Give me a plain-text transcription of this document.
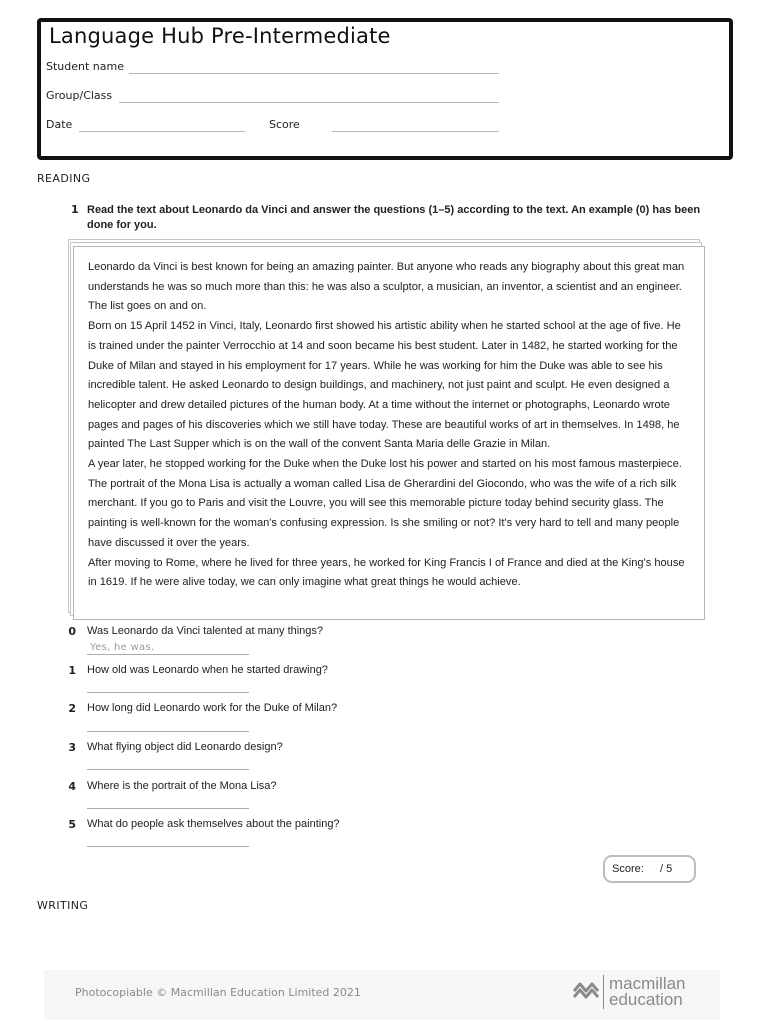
Language Hub Pre-Intermediate
Student name
Group/Class
Date	Score
READING
1 Read the text about Leonardo da Vinci and answer the questions (1–5) according to the text. An example (0) has been done for you.

Leonardo da Vinci is best known for being an amazing painter. But anyone who reads any biography about this great man understands he was so much more than this: he was also a sculptor, a musician, an inventor, a scientist and an engineer. The list goes on and on.

Born on 15 April 1452 in Vinci, Italy, Leonardo first showed his artistic ability when he started school at the age of five. He is trained under the painter Verrocchio at 14 and soon became his best student. Later in 1482, he started working for the Duke of Milan and stayed in his employment for 17 years. While he was working for him the Duke was able to see his incredible talent. He asked Leonardo to design buildings, and machinery, not just paint and sculpt. He even designed a helicopter and drew detailed pictures of the human body. At a time without the internet or photographs, Leonardo wrote pages and pages of his discoveries which we still have today. These are beautiful works of art in themselves. In 1498, he painted The Last Supper which is on the wall of the convent Santa Maria delle Grazie in Milan.

A year later, he stopped working for the Duke when the Duke lost his power and started on his most famous masterpiece. The portrait of the Mona Lisa is actually a woman called Lisa de Gherardini del Giocondo, who was the wife of a rich silk merchant. If you go to Paris and visit the Louvre, you will see this memorable picture today behind security glass. The painting is well-known for the woman's confusing expression. Is she smiling or not? It's very hard to tell and many people have discussed it over the years.

After moving to Rome, where he lived for three years, he worked for King Francis I of France and died at the King's house in 1619. If he were alive today, we can only imagine what great things he would achieve.

0 Was Leonardo da Vinci talented at many things?
Yes, he was.
1 How old was Leonardo when he started drawing?
2 How long did Leonardo work for the Duke of Milan?
3 What flying object did Leonardo design?
4 Where is the portrait of the Mona Lisa?
5 What do people ask themselves about the painting?
Score: / 5
WRITING
Photocopiable © Macmillan Education Limited 2021	macmillan
education
